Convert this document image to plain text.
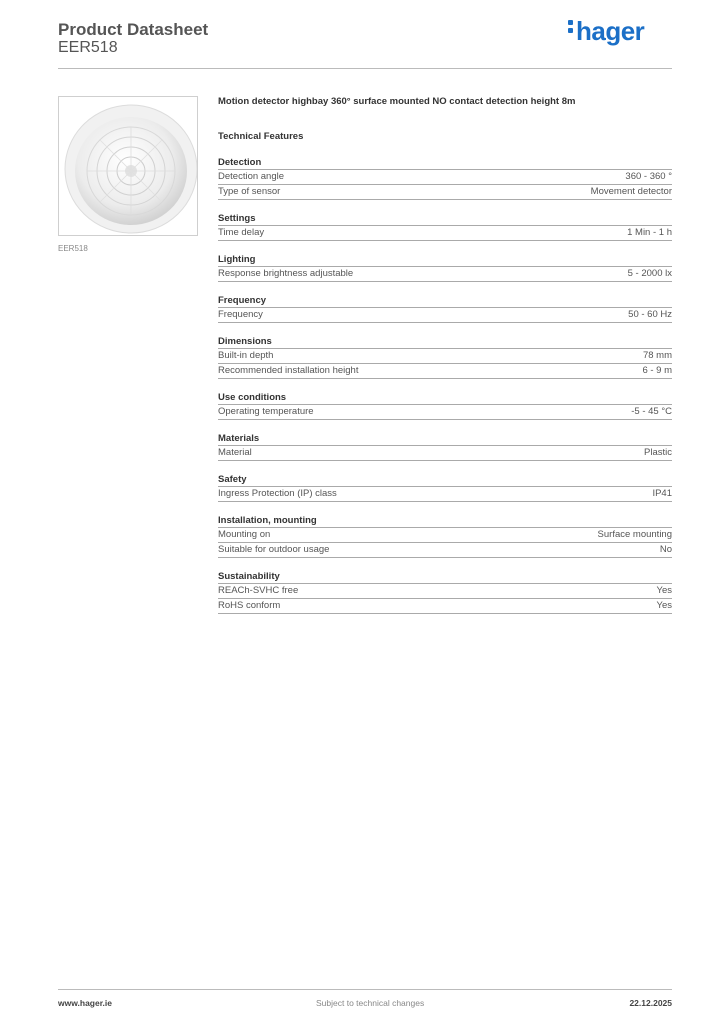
Product Datasheet
EER518
hager
EER518
Motion detector highbay 360° surface mounted NO contact detection height 8m
Technical Features
Detection
Detection angle	360 - 360 °
Type of sensor	Movement detector
Settings
Time delay	1 Min - 1 h
Lighting
Response brightness adjustable	5 - 2000 lx
Frequency
Frequency	50 - 60 Hz
Dimensions
Built-in depth	78 mm
Recommended installation height	6 - 9 m
Use conditions
Operating temperature	-5 - 45 °C
Materials
Material	Plastic
Safety
Ingress Protection (IP) class	IP41
Installation, mounting
Mounting on	Surface mounting
Suitable for outdoor usage	No
Sustainability
REACh-SVHC free	Yes
RoHS conform	Yes
www.hager.ie	Subject to technical changes	22.12.2025
